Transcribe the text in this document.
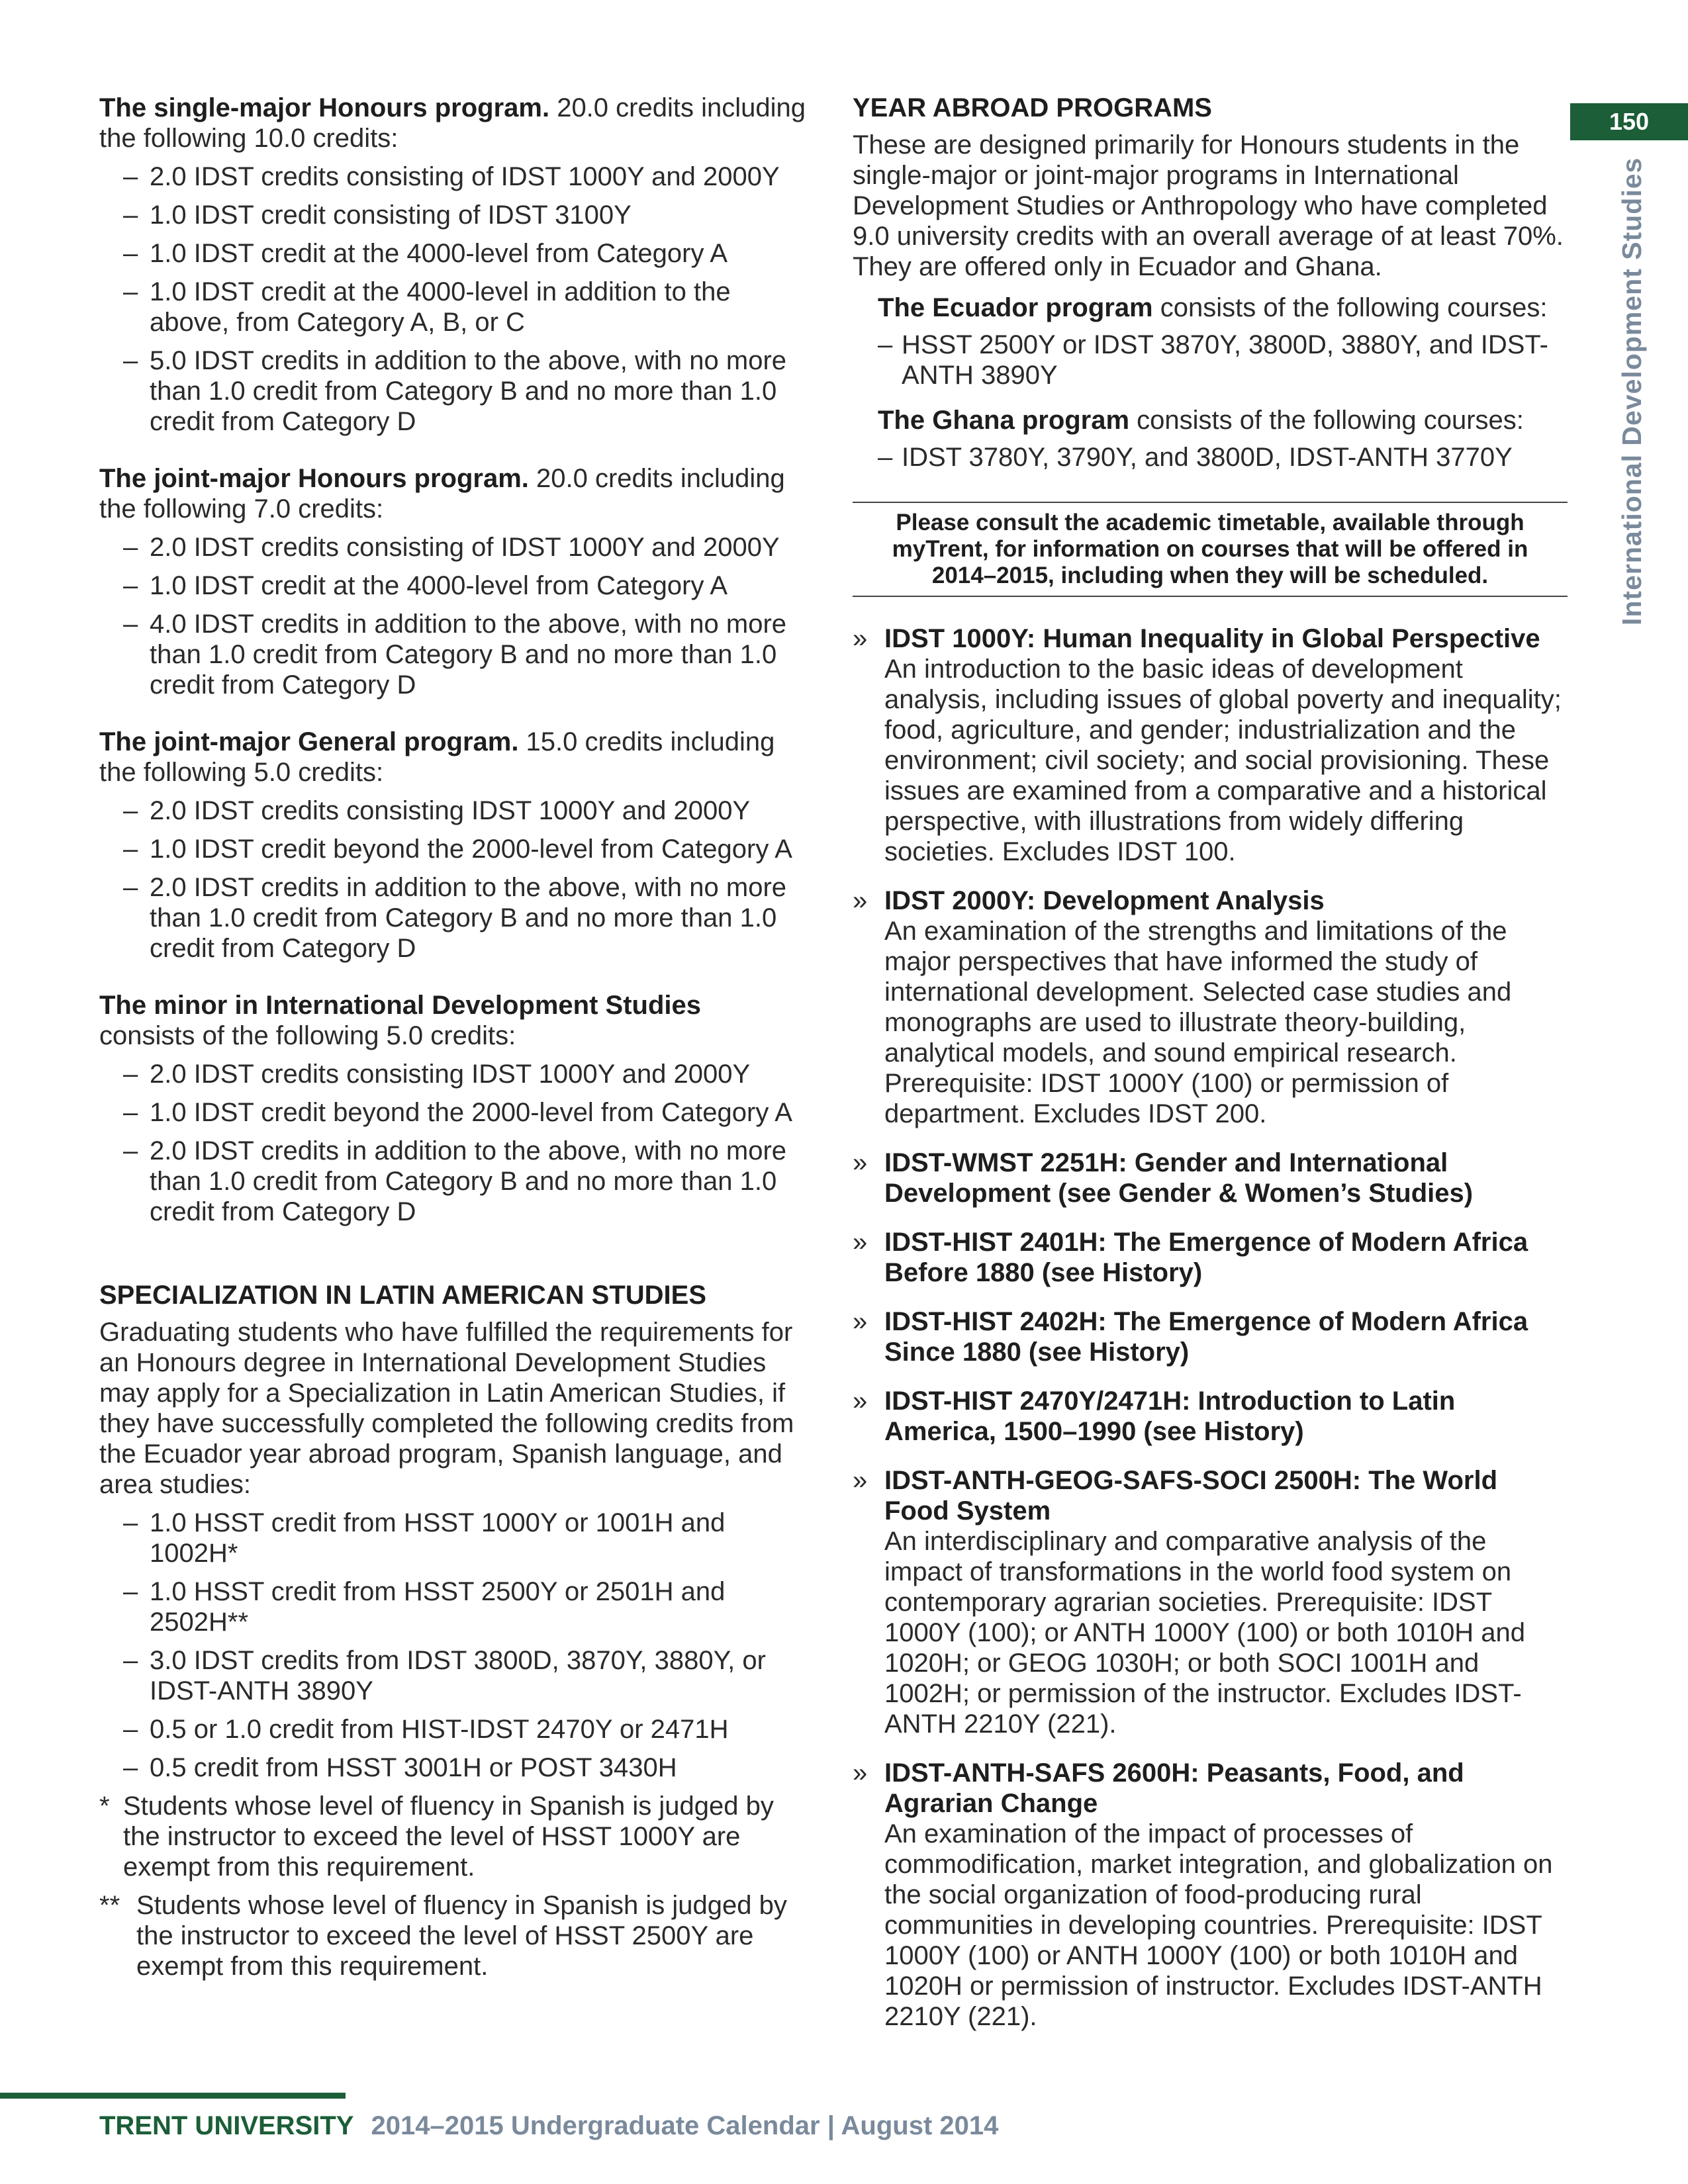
The single-major Honours program. 20.0 credits including the following 10.0 credits:

– 2.0 IDST credits consisting of IDST 1000Y and 2000Y
– 1.0 IDST credit consisting of IDST 3100Y
– 1.0 IDST credit at the 4000-level from Category A
– 1.0 IDST credit at the 4000-level in addition to the above, from Category A, B, or C
– 5.0 IDST credits in addition to the above, with no more than 1.0 credit from Category B and no more than 1.0 credit from Category D

The joint-major Honours program. 20.0 credits including the following 7.0 credits:

– 2.0 IDST credits consisting of IDST 1000Y and 2000Y
– 1.0 IDST credit at the 4000-level from Category A
– 4.0 IDST credits in addition to the above, with no more than 1.0 credit from Category B and no more than 1.0 credit from Category D

The joint-major General program. 15.0 credits including the following 5.0 credits:

– 2.0 IDST credits consisting IDST 1000Y and 2000Y
– 1.0 IDST credit beyond the 2000-level from Category A
– 2.0 IDST credits in addition to the above, with no more than 1.0 credit from Category B and no more than 1.0 credit from Category D

The minor in International Development Studies

consists of the following 5.0 credits:

– 2.0 IDST credits consisting IDST 1000Y and 2000Y
– 1.0 IDST credit beyond the 2000-level from Category A
– 2.0 IDST credits in addition to the above, with no more than 1.0 credit from Category B and no more than 1.0 credit from Category D

SPECIALIZATION IN LATIN AMERICAN STUDIES

Graduating students who have fulfilled the requirements for an Honours degree in International Development Studies may apply for a Specialization in Latin American Studies, if they have successfully completed the following credits from the Ecuador year abroad program, Spanish language, and area studies:

– 1.0 HSST credit from HSST 1000Y or 1001H and 1002H*
– 1.0 HSST credit from HSST 2500Y or 2501H and 2502H**
– 3.0 IDST credits from IDST 3800D, 3870Y, 3880Y, or IDST-ANTH 3890Y
– 0.5 or 1.0 credit from HIST-IDST 2470Y or 2471H
– 0.5 credit from HSST 3001H or POST 3430H
* Students whose level of fluency in Spanish is judged by the instructor to exceed the level of HSST 1000Y are exempt from this requirement.
** Students whose level of fluency in Spanish is judged by the instructor to exceed the level of HSST 2500Y are exempt from this requirement.

YEAR ABROAD PROGRAMS

These are designed primarily for Honours students in the single-major or joint-major programs in International Development Studies or Anthropology who have completed 9.0 university credits with an overall average of at least 70%. They are offered only in Ecuador and Ghana.

The Ecuador program consists of the following courses:

– HSST 2500Y or IDST 3870Y, 3800D, 3880Y, and IDST-ANTH 3890Y

The Ghana program consists of the following courses:

– IDST 3780Y, 3790Y, and 3800D, IDST-ANTH 3770Y
Please consult the academic timetable, available through myTrent, for information on courses that will be offered in 2014–2015, including when they will be scheduled.
» IDST 1000Y: Human Inequality in Global Perspective

An introduction to the basic ideas of development analysis, including issues of global poverty and inequality; food, agriculture, and gender; industrialization and the environment; civil society; and social provisioning. These issues are examined from a comparative and a historical perspective, with illustrations from widely differing societies. Excludes IDST 100.

» IDST 2000Y: Development Analysis

An examination of the strengths and limitations of the major perspectives that have informed the study of international development. Selected case studies and monographs are used to illustrate theory-building, analytical models, and sound empirical research. Prerequisite: IDST 1000Y (100) or permission of department. Excludes IDST 200.

» IDST-WMST 2251H: Gender and International Development (see Gender & Women’s Studies)
» IDST-HIST 2401H: The Emergence of Modern Africa Before 1880 (see History)
» IDST-HIST 2402H: The Emergence of Modern Africa Since 1880 (see History)
» IDST-HIST 2470Y/2471H: Introduction to Latin America, 1500–1990 (see History)
» IDST-ANTH-GEOG-SAFS-SOCI 2500H: The World Food System

An interdisciplinary and comparative analysis of the impact of transformations in the world food system on contemporary agrarian societies. Prerequisite: IDST 1000Y (100); or ANTH 1000Y (100) or both 1010H and 1020H; or GEOG 1030H; or both SOCI 1001H and 1002H; or permission of the instructor. Excludes IDST-ANTH 2210Y (221).

» IDST-ANTH-SAFS 2600H: Peasants, Food, and Agrarian Change

An examination of the impact of processes of commodification, market integration, and globalization on the social organization of food-producing rural communities in developing countries. Prerequisite: IDST 1000Y (100) or ANTH 1000Y (100) or both 1010H and 1020H or permission of instructor. Excludes IDST-ANTH 2210Y (221).

150
International Development Studies
TRENT UNIVERSITY 2014–2015 Undergraduate Calendar | August 2014
